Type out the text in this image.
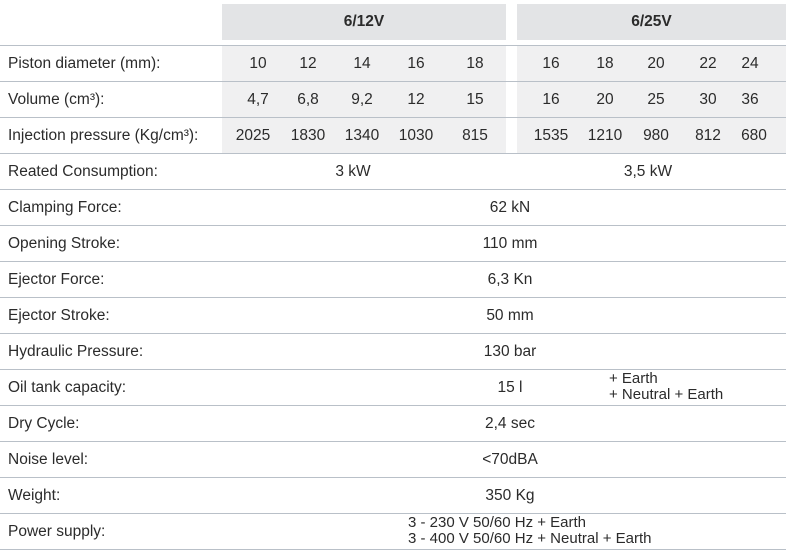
6/12V	6/25V
Piston diameter (mm):	10	12	14	16	18	16	18	20	22	24
Volume (cm³):	4,7	6,8	9,2	12	15	16	20	25	30	36
Injection pressure (Kg/cm³):	2025	1830	1340	1030	815	1535	1210	980	812	680
Reated Consumption:	3 kW	3,5 kW
Clamping Force:	62 kN
Opening Stroke:	110 mm
Ejector Force:	6,3 Kn
Ejector Stroke:	50 mm
Hydraulic Pressure:	130 bar
Oil tank capacity:	15 l
+ Earth
+ Neutral + Earth
Dry Cycle:	2,4 sec
Noise level:	<70dBA
Weight:	350 Kg
Power supply:
3 - 230 V 50/60 Hz + Earth
3 - 400 V 50/60 Hz + Neutral + Earth
